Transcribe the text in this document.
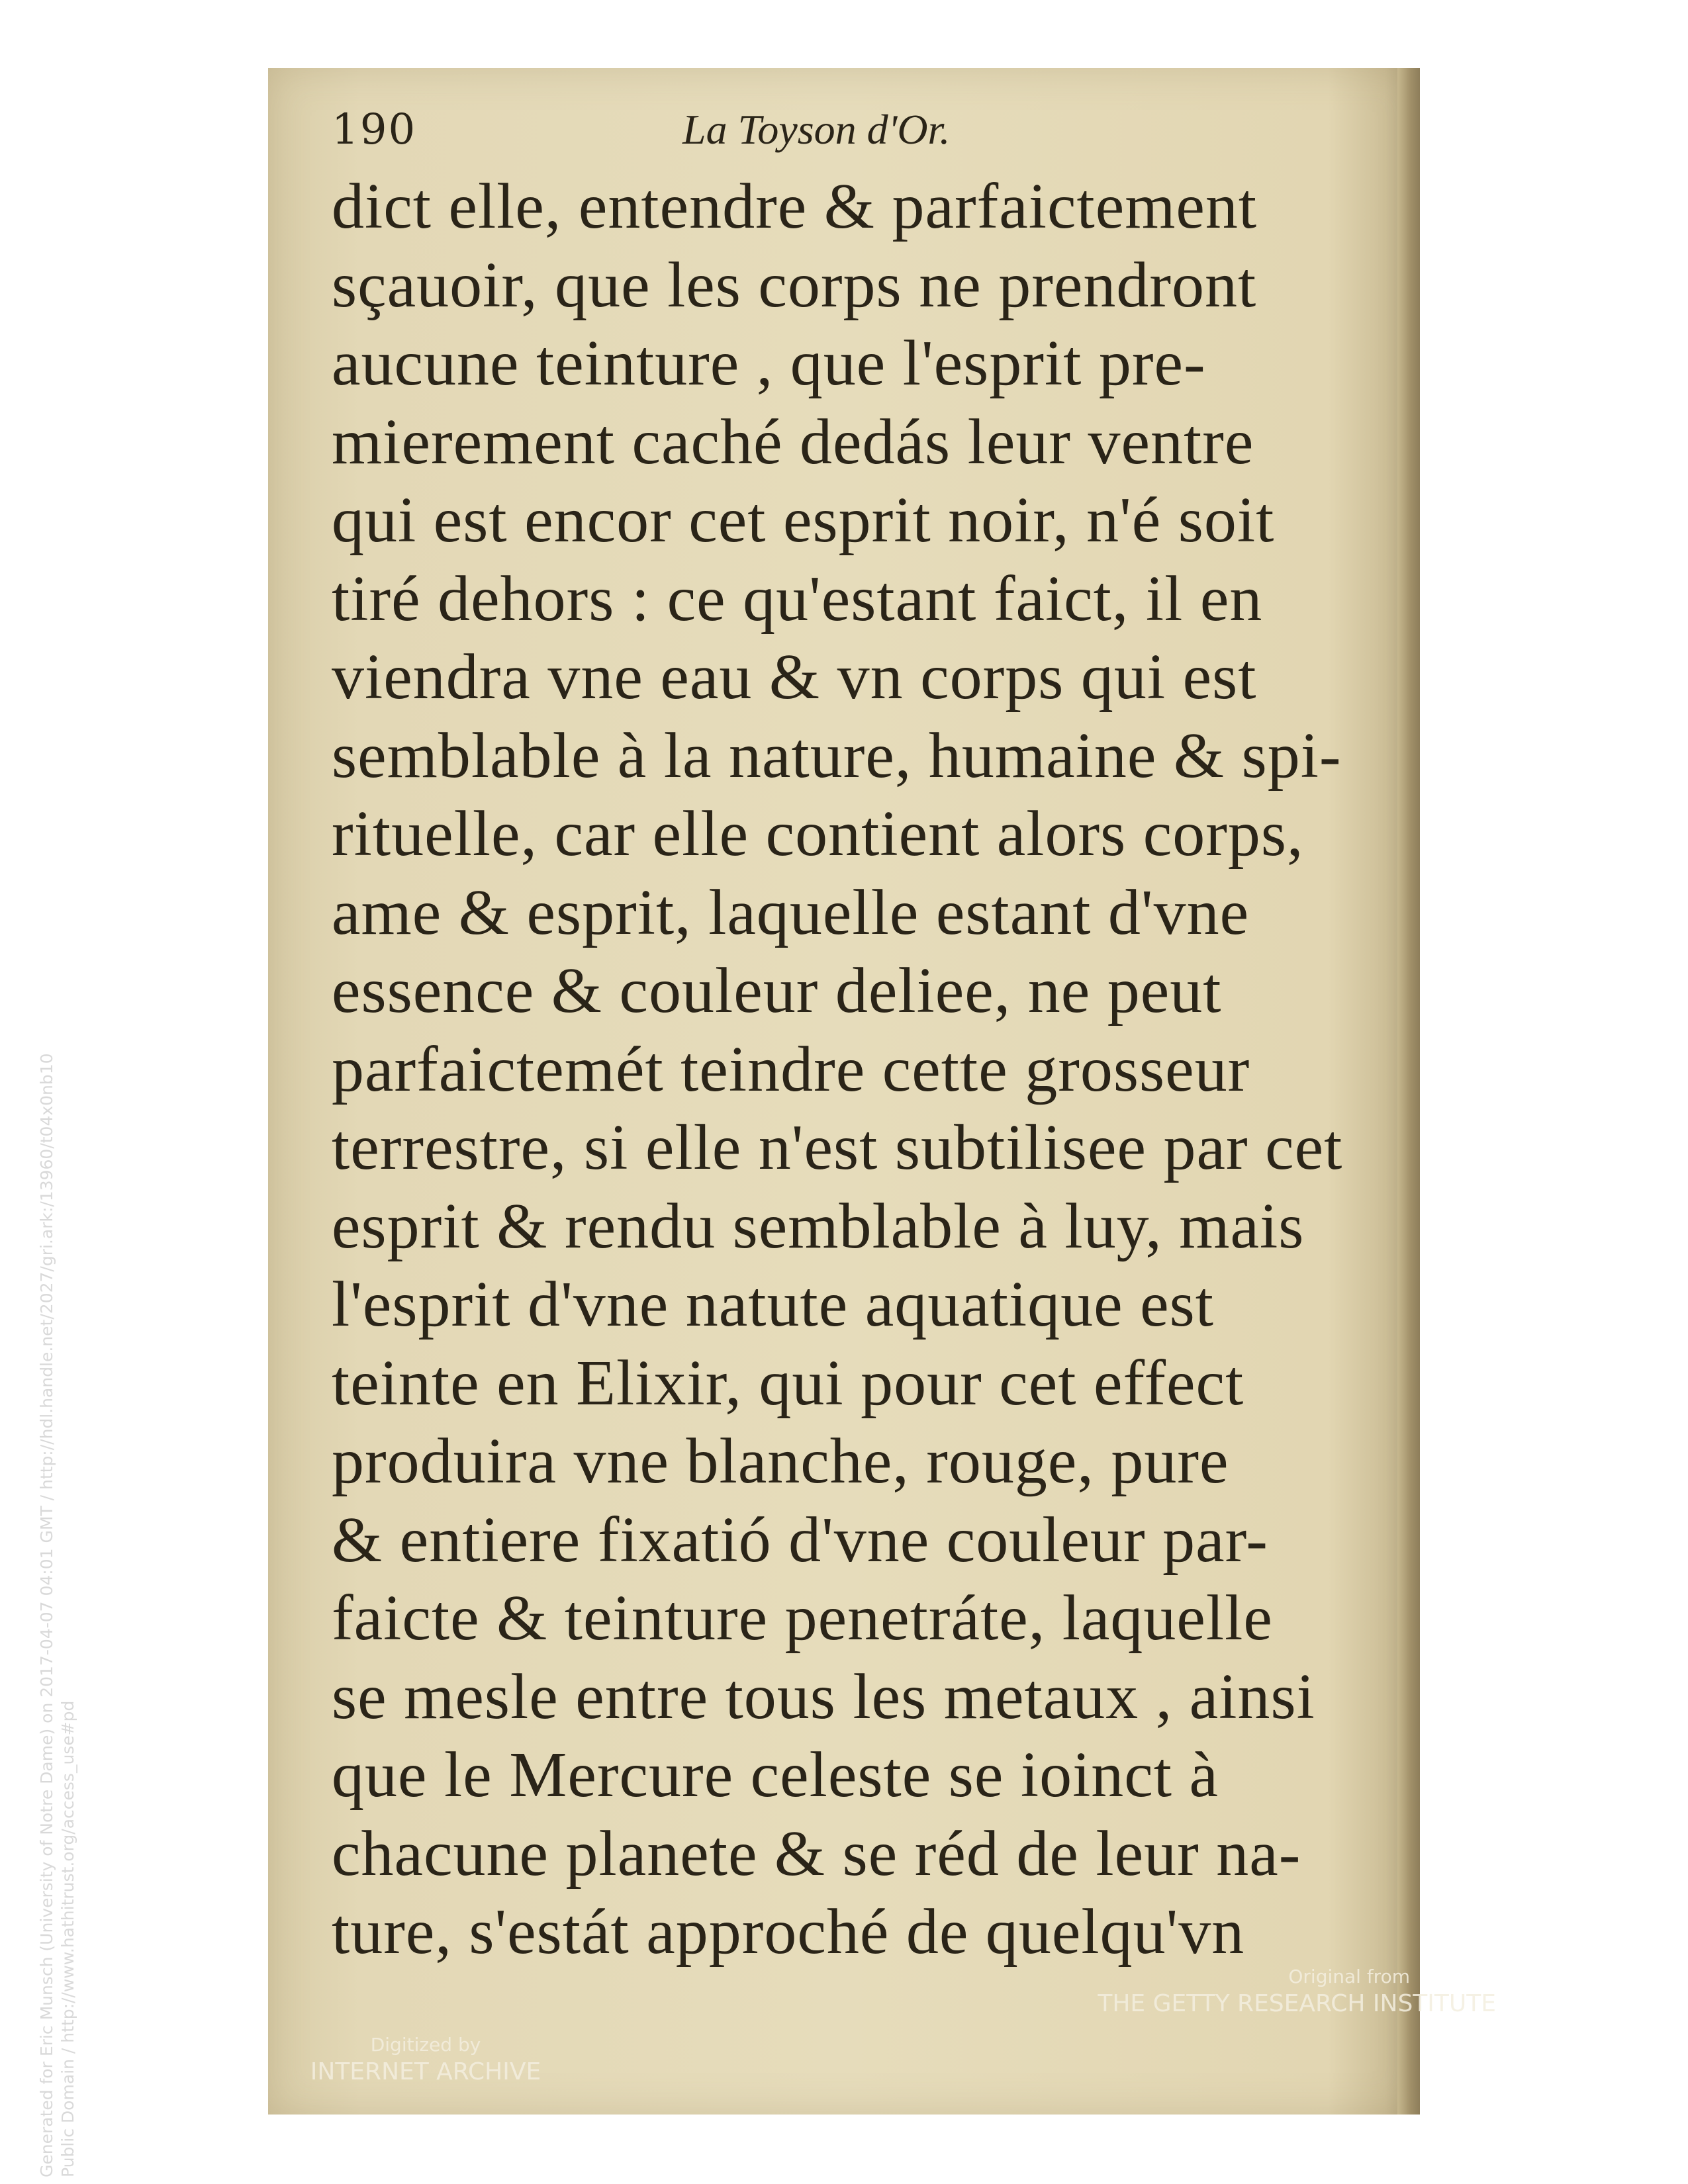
190	La Toyson d'Or.
dict elle, entendre & parfaictement
sçauoir, que les corps ne prendront
aucune teinture , que l'esprit pre-
mierement caché dedás leur ventre
qui est encor cet esprit noir, n'é soit
tiré dehors : ce qu'estant faict, il en
viendra vne eau & vn corps qui est
semblable à la nature, humaine & spi-
rituelle, car elle contient alors corps,
ame & esprit, laquelle estant d'vne
essence & couleur deliee, ne peut
parfaictemét teindre cette grosseur
terrestre, si elle n'est subtilisee par cet
esprit & rendu semblable à luy, mais
l'esprit d'vne natute aquatique est
teinte en Elixir, qui pour cet effect
produira vne blanche, rouge, pure
& entiere fixatió d'vne couleur par-
faicte & teinture penetráte, laquelle
se mesle entre tous les metaux , ainsi
que le Mercure celeste se ioinct à
chacune planete & se réd de leur na-
ture, s'estát approché de quelqu'vn
Digitized by
INTERNET ARCHIVE
Original from
THE GETTY RESEARCH INSTITUTE
Generated for Eric Munsch (University of Notre Dame) on 2017-04-07 04:01 GMT / http://hdl.handle.net/2027/gri.ark:/13960/t04x0nb10 Public Domain / http://www.hathitrust.org/access_use#pd
